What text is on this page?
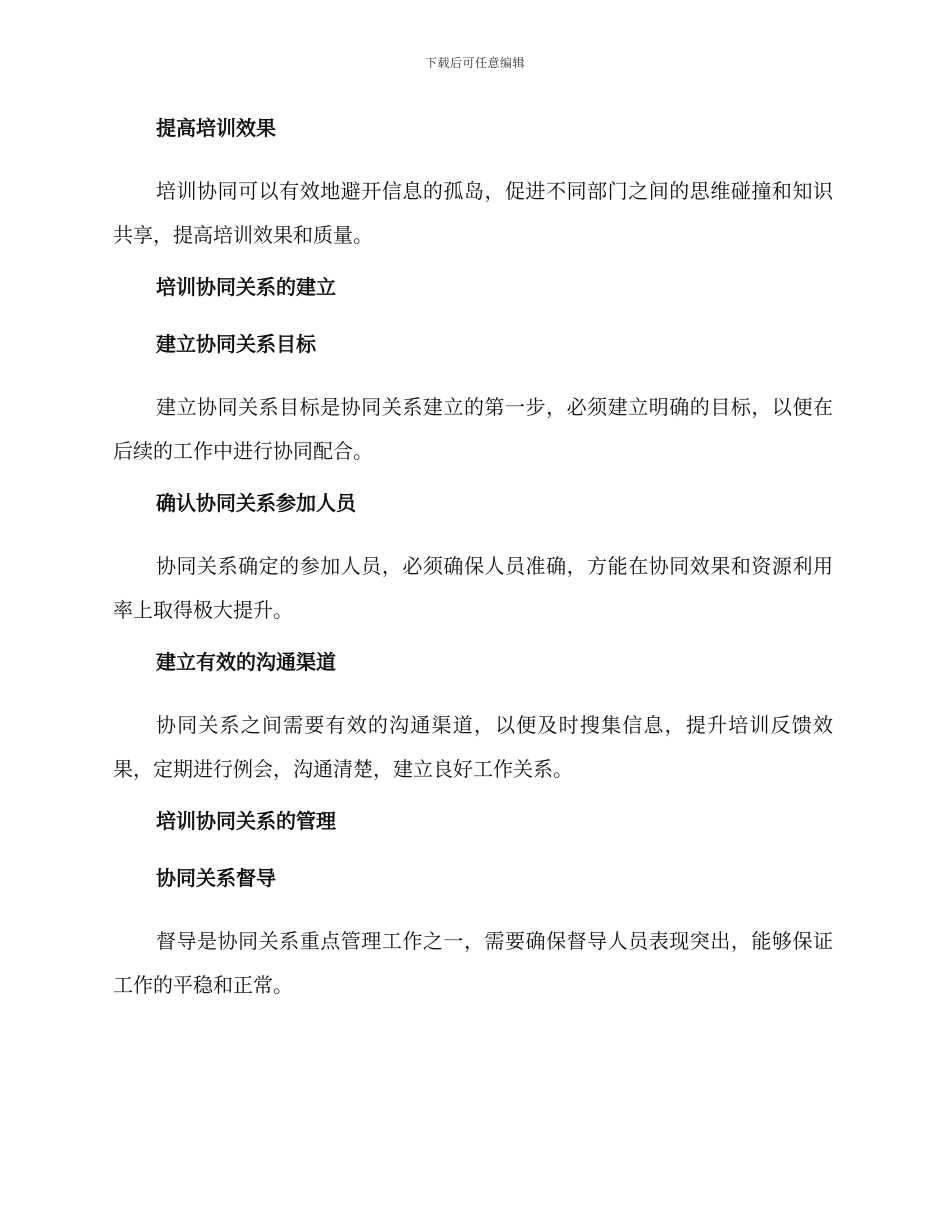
下载后可任意编辑
提高培训效果
培训协同可以有效地避开信息的孤岛，促进不同部门之间的思维碰撞和知识共享，提高培训效果和质量。
培训协同关系的建立
建立协同关系目标
建立协同关系目标是协同关系建立的第一步，必须建立明确的目标，以便在后续的工作中进行协同配合。
确认协同关系参加人员
协同关系确定的参加人员，必须确保人员准确，方能在协同效果和资源利用率上取得极大提升。
建立有效的沟通渠道
协同关系之间需要有效的沟通渠道，以便及时搜集信息，提升培训反馈效果，定期进行例会，沟通清楚，建立良好工作关系。
培训协同关系的管理
协同关系督导
督导是协同关系重点管理工作之一，需要确保督导人员表现突出，能够保证工作的平稳和正常。
